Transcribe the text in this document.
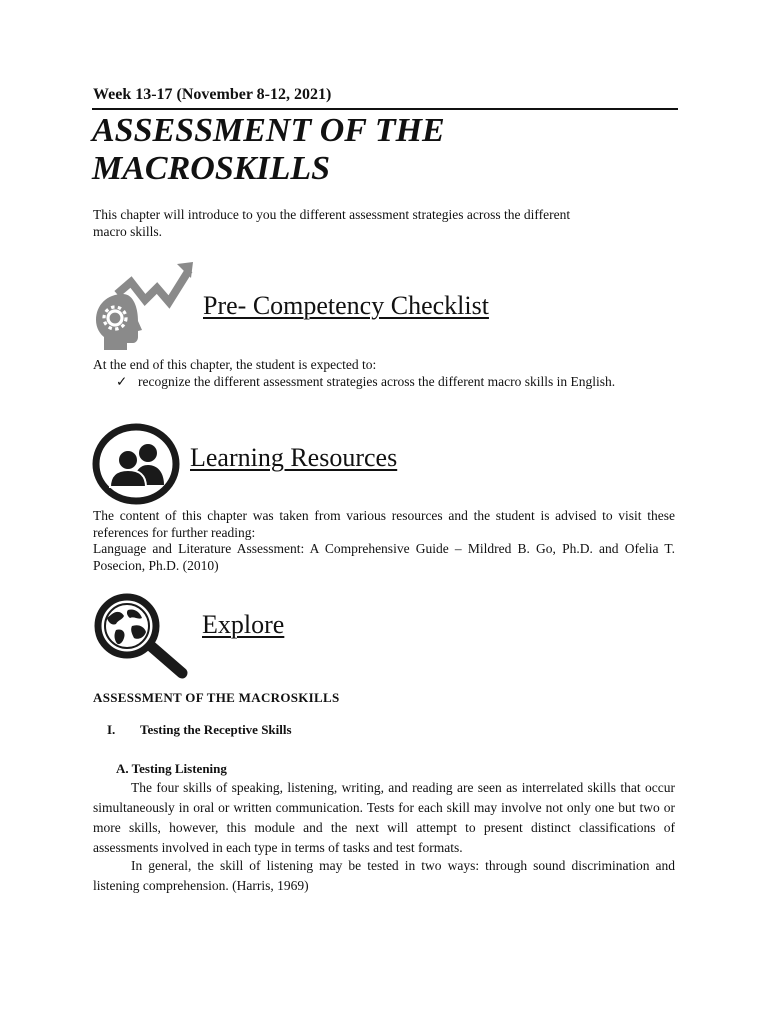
Week 13-17 (November 8-12, 2021)
ASSESSMENT OF THE
MACROSKILLS
This chapter will introduce to you the different assessment strategies across the different
macro skills.
Pre- Competency Checklist
At the end of this chapter, the student is expected to:
✓ recognize the different assessment strategies across the different macro skills in English.
Learning Resources
The content of this chapter was taken from various resources and the student is advised to visit these references for further reading:
Language and Literature Assessment: A Comprehensive Guide – Mildred B. Go, Ph.D. and Ofelia T. Posecion, Ph.D. (2010)
Explore
ASSESSMENT OF THE MACROSKILLS
I. Testing the Receptive Skills
A. Testing Listening
The four skills of speaking, listening, writing, and reading are seen as interrelated skills that occur simultaneously in oral or written communication. Tests for each skill may involve not only one but two or more skills, however, this module and the next will attempt to present distinct classifications of assessments involved in each type in terms of tasks and test formats.
In general, the skill of listening may be tested in two ways: through sound discrimination and listening comprehension. (Harris, 1969)
